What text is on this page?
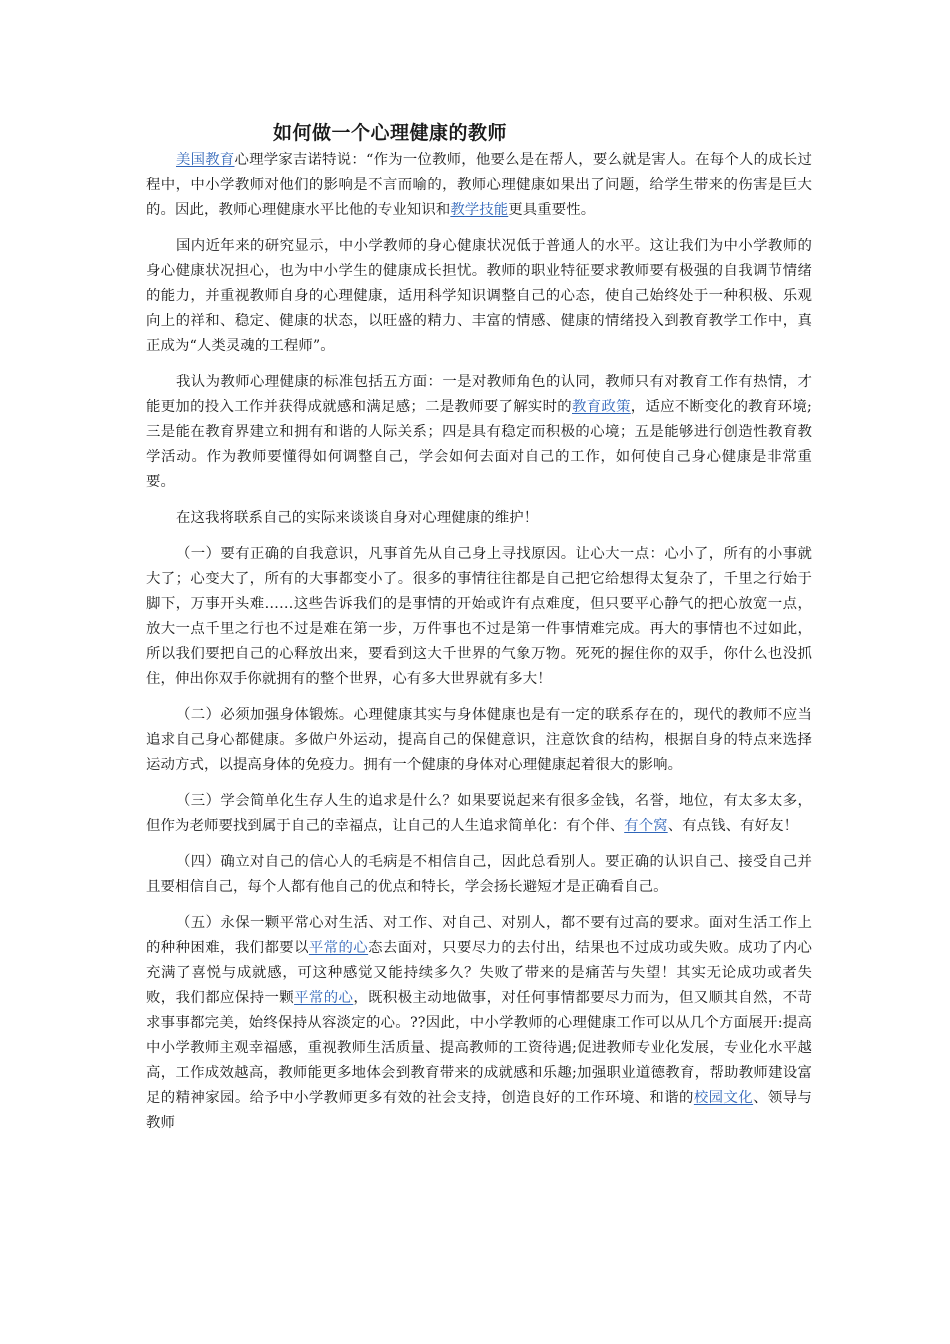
如何做一个心理健康的教师

美国教育心理学家吉诺特说：“作为一位教师，他要么是在帮人，要么就是害人。在每个人的成长过程中，中小学教师对他们的影响是不言而喻的，教师心理健康如果出了问题，给学生带来的伤害是巨大的。因此，教师心理健康水平比他的专业知识和教学技能更具重要性。

国内近年来的研究显示，中小学教师的身心健康状况低于普通人的水平。这让我们为中小学教师的身心健康状况担心，也为中小学生的健康成长担忧。教师的职业特征要求教师要有极强的自我调节情绪的能力，并重视教师自身的心理健康，适用科学知识调整自己的心态，使自己始终处于一种积极、乐观向上的祥和、稳定、健康的状态，以旺盛的精力、丰富的情感、健康的情绪投入到教育教学工作中，真正成为“人类灵魂的工程师”。

我认为教师心理健康的标准包括五方面：一是对教师角色的认同，教师只有对教育工作有热情，才能更加的投入工作并获得成就感和满足感；二是教师要了解实时的教育政策，适应不断变化的教育环境;三是能在教育界建立和拥有和谐的人际关系；四是具有稳定而积极的心境；五是能够进行创造性教育教学活动。作为教师要懂得如何调整自己，学会如何去面对自己的工作，如何使自己身心健康是非常重要。

在这我将联系自己的实际来谈谈自身对心理健康的维护！

（一）要有正确的自我意识，凡事首先从自己身上寻找原因。让心大一点：心小了，所有的小事就大了；心变大了，所有的大事都变小了。很多的事情往往都是自己把它给想得太复杂了，千里之行始于脚下，万事开头难……这些告诉我们的是事情的开始或许有点难度，但只要平心静气的把心放宽一点，放大一点千里之行也不过是难在第一步，万件事也不过是第一件事情难完成。再大的事情也不过如此，所以我们要把自己的心释放出来，要看到这大千世界的气象万物。死死的握住你的双手，你什么也没抓住，伸出你双手你就拥有的整个世界，心有多大世界就有多大！

（二）必须加强身体锻炼。心理健康其实与身体健康也是有一定的联系存在的，现代的教师不应当追求自己身心都健康。多做户外运动，提高自己的保健意识，注意饮食的结构，根据自身的特点来选择运动方式，以提高身体的免疫力。拥有一个健康的身体对心理健康起着很大的影响。

（三）学会简单化生存人生的追求是什么？如果要说起来有很多金钱，名誉，地位，有太多太多，但作为老师要找到属于自己的幸福点，让自己的人生追求简单化：有个伴、有个窝、有点钱、有好友！

（四）确立对自己的信心人的毛病是不相信自己，因此总看别人。要正确的认识自己、接受自己并且要相信自己，每个人都有他自己的优点和特长，学会扬长避短才是正确看自己。

（五）永保一颗平常心对生活、对工作、对自己、对别人，都不要有过高的要求。面对生活工作上的种种困难，我们都要以平常的心态去面对，只要尽力的去付出，结果也不过成功或失败。成功了内心充满了喜悦与成就感，可这种感觉又能持续多久？失败了带来的是痛苦与失望！其实无论成功或者失败，我们都应保持一颗平常的心，既积极主动地做事，对任何事情都要尽力而为，但又顺其自然，不苛求事事都完美，始终保持从容淡定的心。??因此，中小学教师的心理健康工作可以从几个方面展开:提高中小学教师主观幸福感，重视教师生活质量、提高教师的工资待遇;促进教师专业化发展，专业化水平越高，工作成效越高，教师能更多地体会到教育带来的成就感和乐趣;加强职业道德教育，帮助教师建设富足的精神家园。给予中小学教师更多有效的社会支持，创造良好的工作环境、和谐的校园文化、领导与教师
